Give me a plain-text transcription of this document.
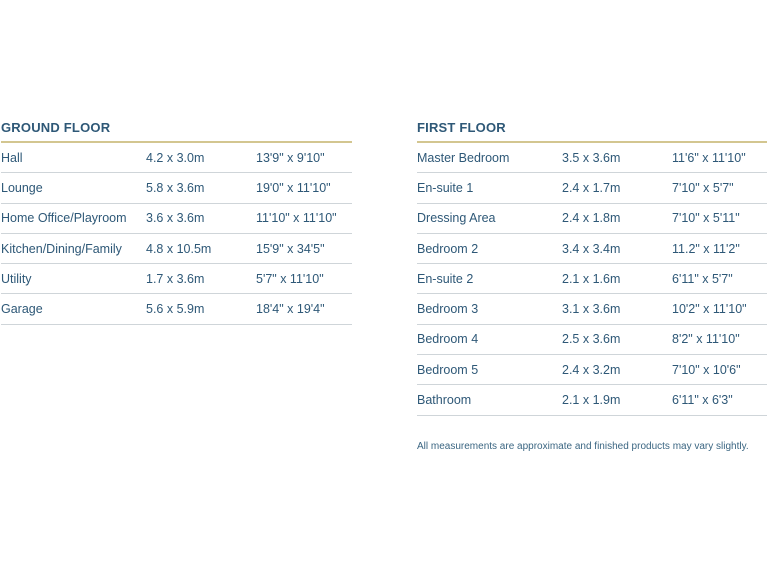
GROUND FLOOR
Hall	4.2 x 3.0m	13'9" x 9'10"
Lounge	5.8 x 3.6m	19'0" x 11'10"
Home Office/Playroom	3.6 x 3.6m	11'10" x 11'10"
Kitchen/Dining/Family	4.8 x 10.5m	15'9" x 34'5"
Utility	1.7 x 3.6m	5'7" x 11'10"
Garage	5.6 x 5.9m	18'4" x 19'4"
FIRST FLOOR
Master Bedroom	3.5 x 3.6m	11'6" x 11'10"
En-suite 1	2.4 x 1.7m	7'10" x 5'7"
Dressing Area	2.4 x 1.8m	7'10" x 5'11"
Bedroom 2	3.4 x 3.4m	11.2" x 11'2"
En-suite 2	2.1 x 1.6m	6'11" x 5'7"
Bedroom 3	3.1 x 3.6m	10'2" x 11'10"
Bedroom 4	2.5 x 3.6m	8'2" x 11'10"
Bedroom 5	2.4 x 3.2m	7'10" x 10'6"
Bathroom	2.1 x 1.9m	6'11" x 6'3"
All measurements are approximate and finished products may vary slightly.
